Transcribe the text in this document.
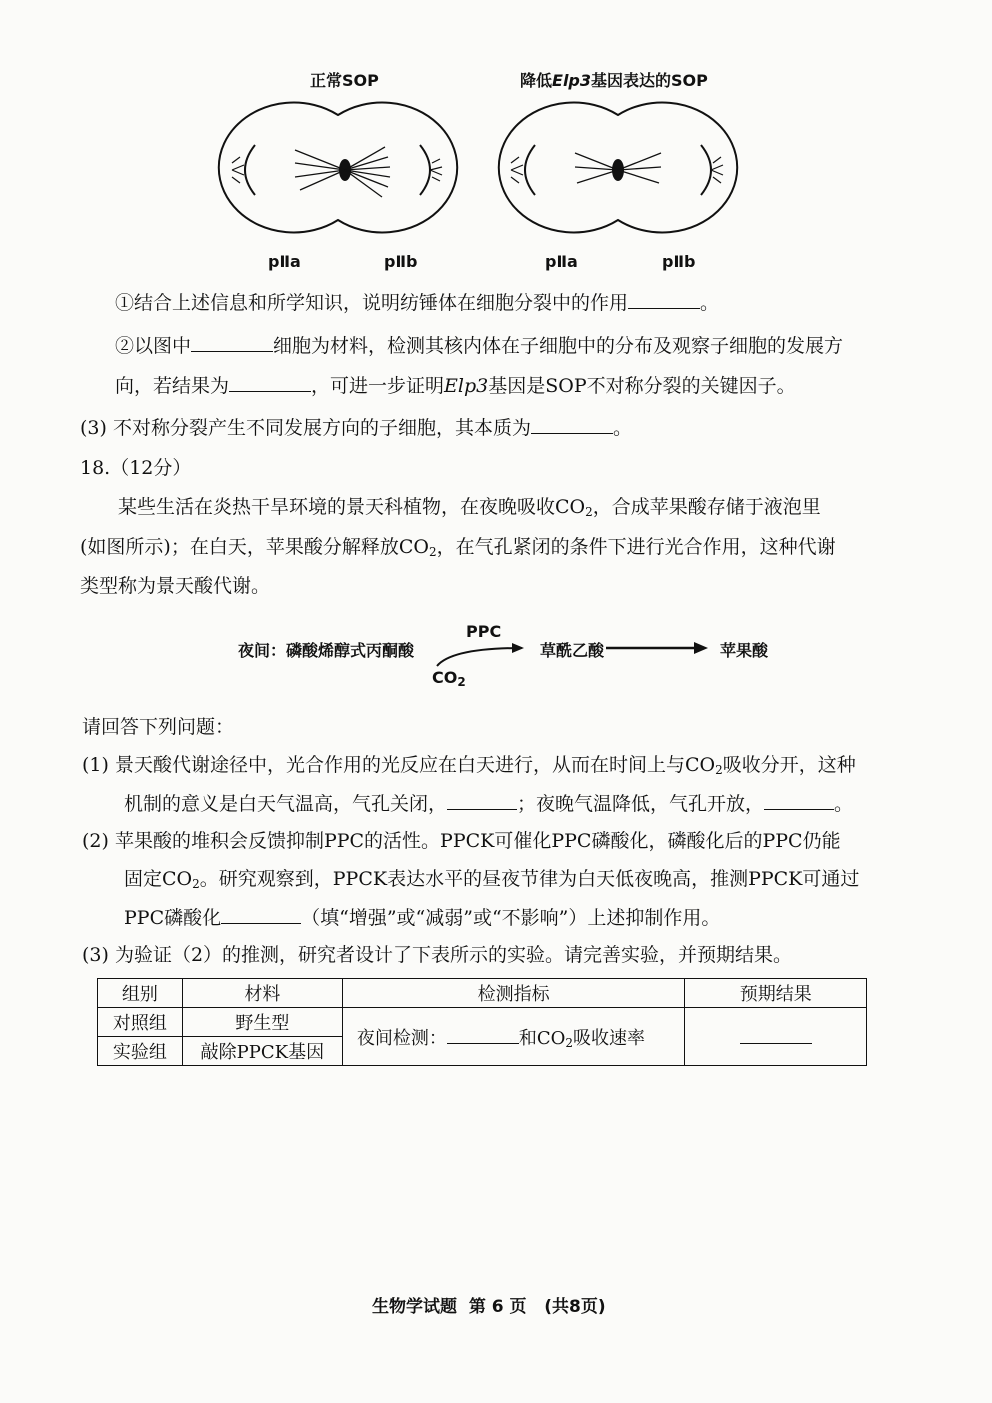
正常SOP	降低Elp3基因表达的SOP
pⅡa	pⅡb	pⅡa	pⅡb
①结合上述信息和所学知识，说明纺锤体在细胞分裂中的作用	。
②以图中	细胞为材料，检测其核内体在子细胞中的分布及观察子细胞的发展方
向，若结果为	，可进一步证明Elp3基因是SOP不对称分裂的关键因子。
(3) 不对称分裂产生不同发展方向的子细胞，其本质为	。
18.（12分）
某些生活在炎热干旱环境的景天科植物，在夜晚吸收$CO_2$，合成苹果酸存储于液泡里
(如图所示)；在白天，苹果酸分解释放$CO_2$，在气孔紧闭的条件下进行光合作用，这种代谢
类型称为景天酸代谢。
夜间：磷酸烯醇式丙酮酸
PPC
$CO_2$
草酰乙酸	苹果酸
请回答下列问题：
(1) 景天酸代谢途径中，光合作用的光反应在白天进行，从而在时间上与$CO_2$吸收分开，这种
机制的意义是白天气温高，气孔关闭，	；夜晚气温降低，气孔开放，	。
(2) 苹果酸的堆积会反馈抑制PPC的活性。PPCK可催化PPC磷酸化，磷酸化后的PPC仍能
固定$CO_2$。研究观察到，PPCK表达水平的昼夜节律为白天低夜晚高，推测PPCK可通过
PPC磷酸化	（填“增强”或“减弱”或“不影响”）上述抑制作用。
(3) 为验证（2）的推测，研究者设计了下表所示的实验。请完善实验，并预期结果。
组别	材料	检测指标	预期结果
对照组	野生型	夜间检测： 和$CO_2$吸收速率	
实验组	敲除PPCK基因		
生物学试题 第 6 页 (共8页)
